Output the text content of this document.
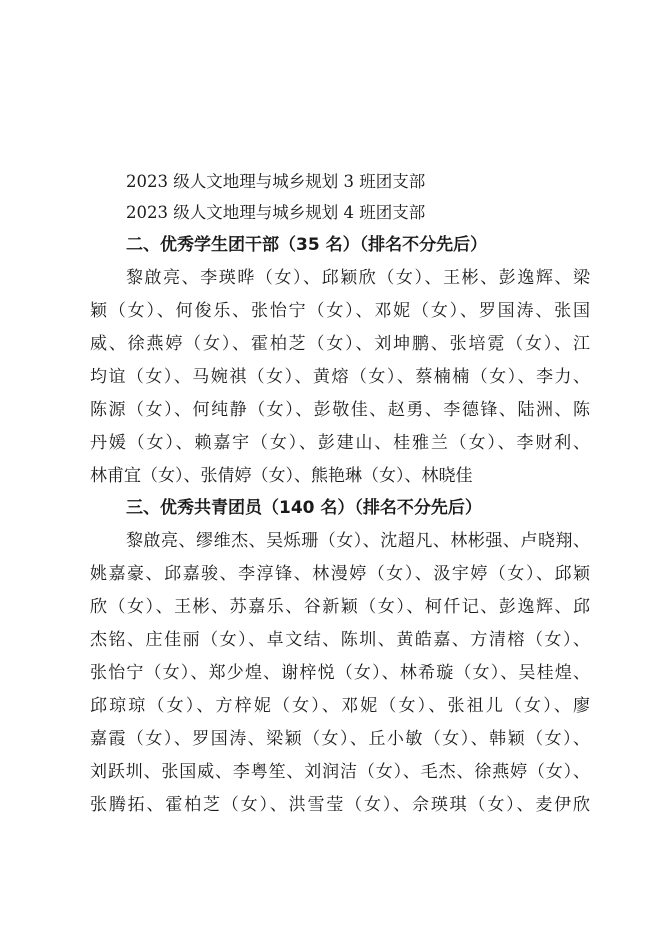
2023 级人文地理与城乡规划 3 班团支部
2023 级人文地理与城乡规划 4 班团支部
二、优秀学生团干部（35 名）（排名不分先后）
黎啟亮、李瑛晔（女）、邱颖欣（女）、王彬、彭逸辉、梁
颖（女）、何俊乐、张怡宁（女）、邓妮（女）、罗国涛、张国
威、徐燕婷（女）、霍柏芝（女）、刘坤鹏、张培霓（女）、江
均谊（女）、马婉祺（女）、黄熔（女）、蔡楠楠（女）、李力、
陈源（女）、何纯静（女）、彭敬佳、赵勇、李德锋、陆洲、陈
丹媛（女）、赖嘉宇（女）、彭建山、桂雅兰（女）、李财利、
林甫宜（女）、张倩婷（女）、熊艳琳（女）、林晓佳
三、优秀共青团员（140 名）（排名不分先后）
黎啟亮、缪维杰、吴烁珊（女）、沈超凡、林彬强、卢晓翔、
姚嘉豪、邱嘉骏、李淳锋、林漫婷（女）、汲宇婷（女）、邱颖
欣（女）、王彬、苏嘉乐、谷新颖（女）、柯仟记、彭逸辉、邱
杰铭、庄佳丽（女）、卓文结、陈圳、黄皓嘉、方清榕（女）、
张怡宁（女）、郑少煌、谢梓悦（女）、林希璇（女）、吴桂煌、
邱琼琼（女）、方梓妮（女）、邓妮（女）、张祖儿（女）、廖
嘉霞（女）、罗国涛、梁颖（女）、丘小敏（女）、韩颖（女）、
刘跃圳、张国威、李粤笙、刘润洁（女）、毛杰、徐燕婷（女）、
张腾拓、霍柏芝（女）、洪雪莹（女）、佘瑛琪（女）、麦伊欣
